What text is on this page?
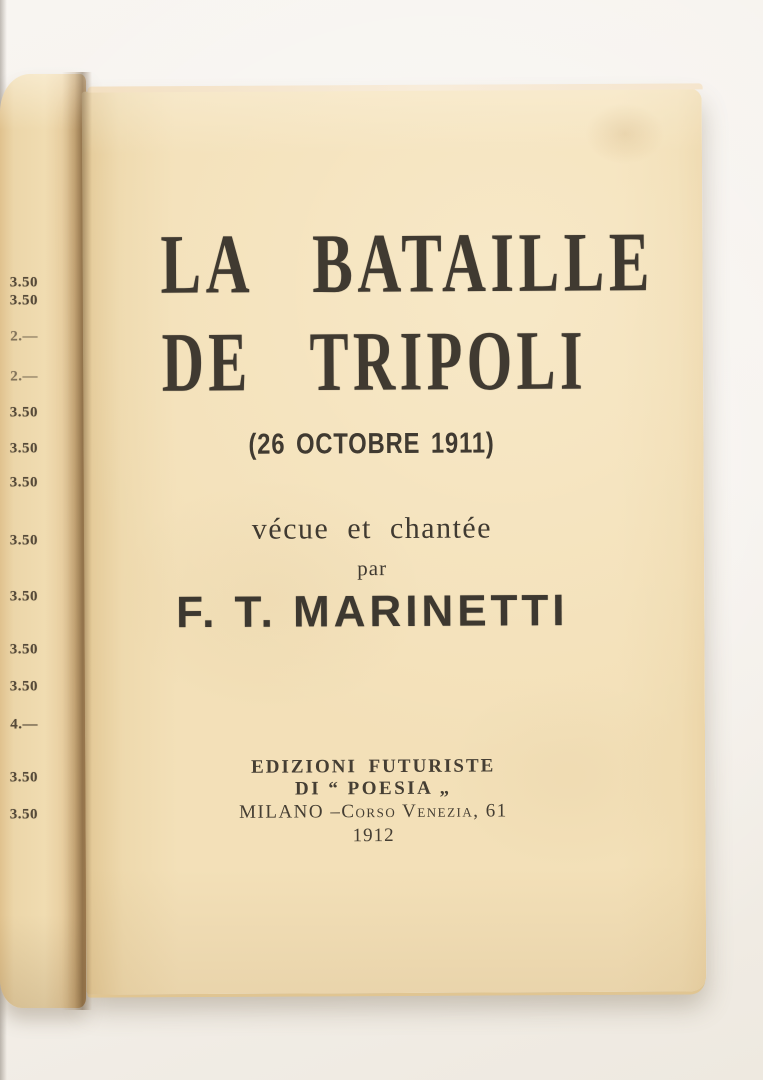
3.50
3.50
2.—
2.—
3.50
3.50
3.50
3.50
3.50
3.50
3.50
4.—
3.50
3.50
LA BATAILLE
DE TRIPOLI
(26 OCTOBRE 1911)
vécue et chantée
par
F. T. MARINETTI
EDIZIONI FUTURISTE
DI “ POESIA „
MILANO –Corso Venezia, 61
1912
